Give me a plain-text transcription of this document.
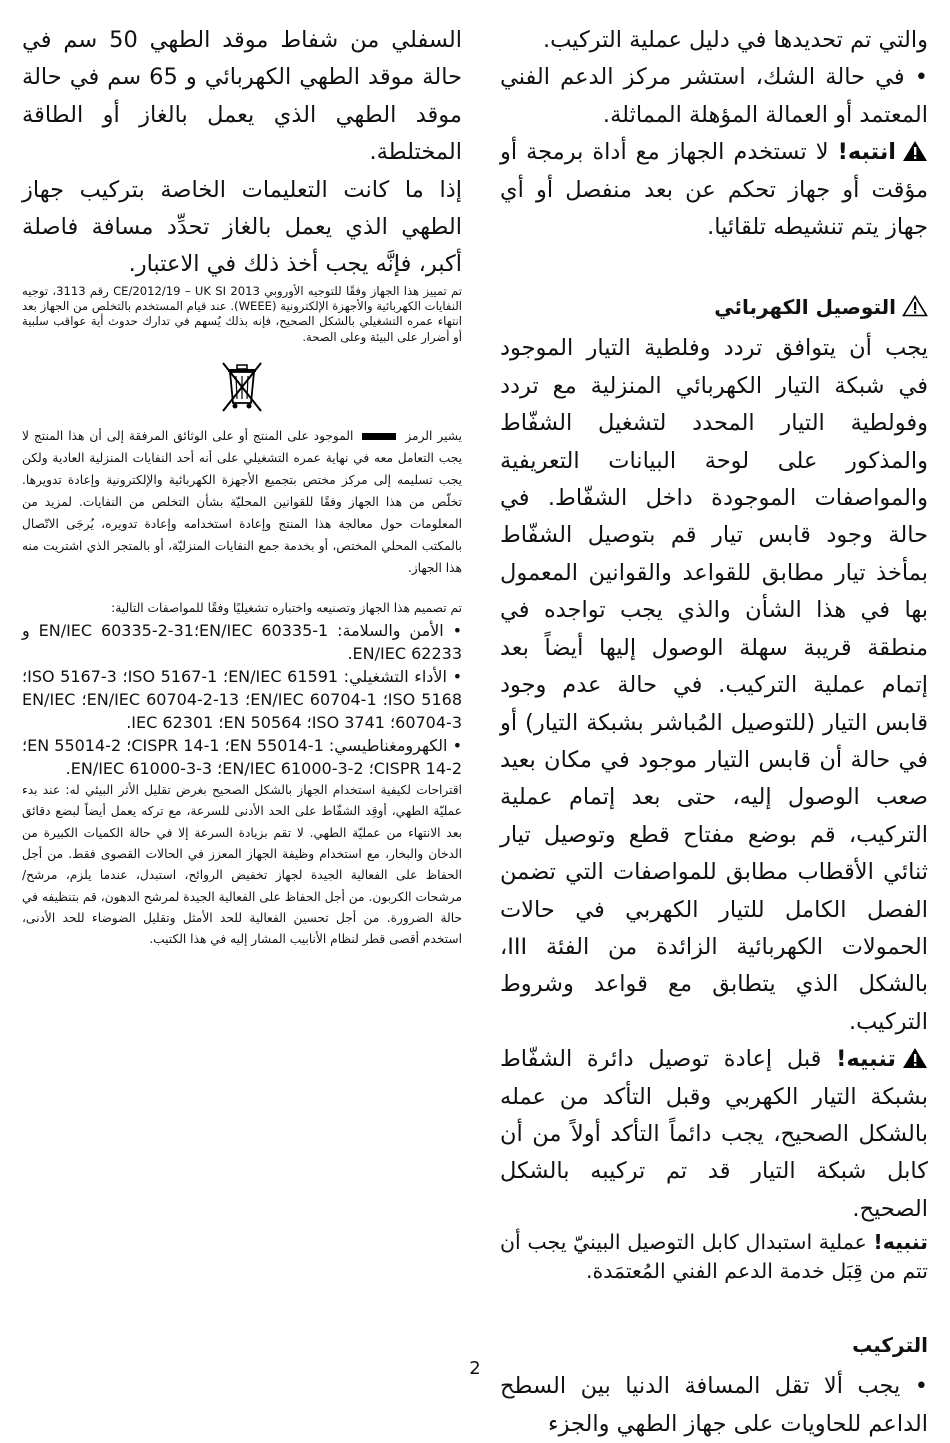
والتي تم تحديدها في دليل عملية التركيب.

• في حالة الشك، استشر مركز الدعم الفني المعتمد أو العمالة المؤهلة المماثلة.

انتبه! لا تستخدم الجهاز مع أداة برمجة أو مؤقت أو جهاز تحكم عن بعد منفصل أو أي جهاز يتم تنشيطه تلقائيا.

التوصيل الكهربائي

يجب أن يتوافق تردد وفلطية التيار الموجود في شبكة التيار الكهربائي المنزلية مع تردد وفولطية التيار المحدد لتشغيل الشفّاط والمذكور على لوحة البيانات التعريفية والمواصفات الموجودة داخل الشفّاط. في حالة وجود قابس تيار قم بتوصيل الشفّاط بمأخذ تيار مطابق للقواعد والقوانين المعمول بها في هذا الشأن والذي يجب تواجده في منطقة قريبة سهلة الوصول إليها أيضاً بعد إتمام عملية التركيب. في حالة عدم وجود قابس التيار (للتوصيل المُباشر بشبكة التيار) أو في حالة أن قابس التيار موجود في مكان بعيد صعب الوصول إليه، حتى بعد إتمام عملية التركيب، قم بوضع مفتاح قطع وتوصيل تيار ثنائي الأقطاب مطابق للمواصفات التي تضمن الفصل الكامل للتيار الكهربي في حالات الحمولات الكهربائية الزائدة من الفئة III، بالشكل الذي يتطابق مع قواعد وشروط التركيب.

تنبيه! قبل إعادة توصيل دائرة الشفّاط بشبكة التيار الكهربي وقبل التأكد من عمله بالشكل الصحيح، يجب دائماً التأكد أولاً من أن كابل شبكة التيار قد تم تركيبه بالشكل الصحيح.

تنبيه! عملية استبدال كابل التوصيل البينيّ يجب أن تتم من قِبَل خدمة الدعم الفني المُعتمَدة.

التركيب

• يجب ألا تقل المسافة الدنيا بين السطح الداعم للحاويات على جهاز الطهي والجزء

السفلي من شفاط موقد الطهي 50 سم في حالة موقد الطهي الكهربائي و 65 سم في حالة موقد الطهي الذي يعمل بالغاز أو الطاقة المختلطة.

إذا ما كانت التعليمات الخاصة بتركيب جهاز الطهي الذي يعمل بالغاز تحدِّد مسافة فاصلة أكبر، فإنَّه يجب أخذ ذلك في الاعتبار.

تم تمييز هذا الجهاز وفقًا للتوجيه الأوروبي CE/2012/19 – UK SI 2013 رقم 3113، توجيه النفايات الكهربائية والأجهزة الإلكترونية (WEEE). عند قيام المستخدم بالتخلص من الجهاز بعد انتهاء عمره التشغيلي بالشكل الصحيح، فإنه بذلك يُسهم في تدارك حدوث أية عواقب سلبية أو أضرار على البيئة وعلى الصحة.

يشير الرمز  الموجود على المنتج أو على الوثائق المرفقة إلى أن هذا المنتج لا يجب التعامل معه في نهاية عمره التشغيلي على أنه أحد النفايات المنزلية العادية ولكن يجب تسليمه إلى مركز مختص بتجميع الأجهزة الكهربائية والإلكترونية وإعادة تدويرها. تخلّص من هذا الجهاز وفقًا للقوانين المحليّة بشأن التخلص من النفايات. لمزيد من المعلومات حول معالجة هذا المنتج وإعادة استخدامه وإعادة تدويره، يُرجَى الاتّصال بالمكتب المحلي المختص، أو بخدمة جمع النفايات المنزليّة، أو بالمتجر الذي اشتريت منه هذا الجهاز.

تم تصميم هذا الجهاز وتصنيعه واختباره تشغيليًا وفقًا للمواصفات التالية:

• الأمن والسلامة: EN/IEC 60335-1؛EN/IEC 60335-2-31 و EN/IEC 62233.

• الأداء التشغيلي: EN/IEC 61591؛ ISO 5167-1؛ ISO 5167-3؛ ISO 5168؛ EN/IEC 60704-1؛ EN/IEC 60704-2-13؛ EN/IEC 60704-3؛ ISO 3741؛ EN 50564؛ IEC 62301.

• الكهرومغناطيسي: EN 55014-1؛ CISPR 14-1؛ EN 55014-2؛ CISPR 14-2؛ EN/IEC 61000-3-2؛ EN/IEC 61000-3-3.

اقتراحات لكيفية استخدام الجهاز بالشكل الصحيح بغرض تقليل الأثر البيئي له: عند بدء عمليّة الطهي، أوقِد الشفّاط على الحد الأدنى للسرعة، مع تركه يعمل أيضاً لبضع دقائق بعد الانتهاء من عمليّة الطهي. لا تقم بزيادة السرعة إلا في حالة الكميات الكبيرة من الدخان والبخار، مع استخدام وظيفة الجهاز المعزز في الحالات القصوى فقط. من أجل الحفاظ على الفعالية الجيدة لجهاز تخفيض الروائح، استبدل، عندما يلزم، مرشح/مرشحات الكربون. من أجل الحفاظ على الفعالية الجيدة لمرشح الدهون، قم بتنظيفه في حالة الضرورة. من أجل تحسين الفعالية للحد الأمثل وتقليل الضوضاء للحد الأدنى، استخدم أقصى قطر لنظام الأنابيب المشار إليه في هذا الكتيب.

2
